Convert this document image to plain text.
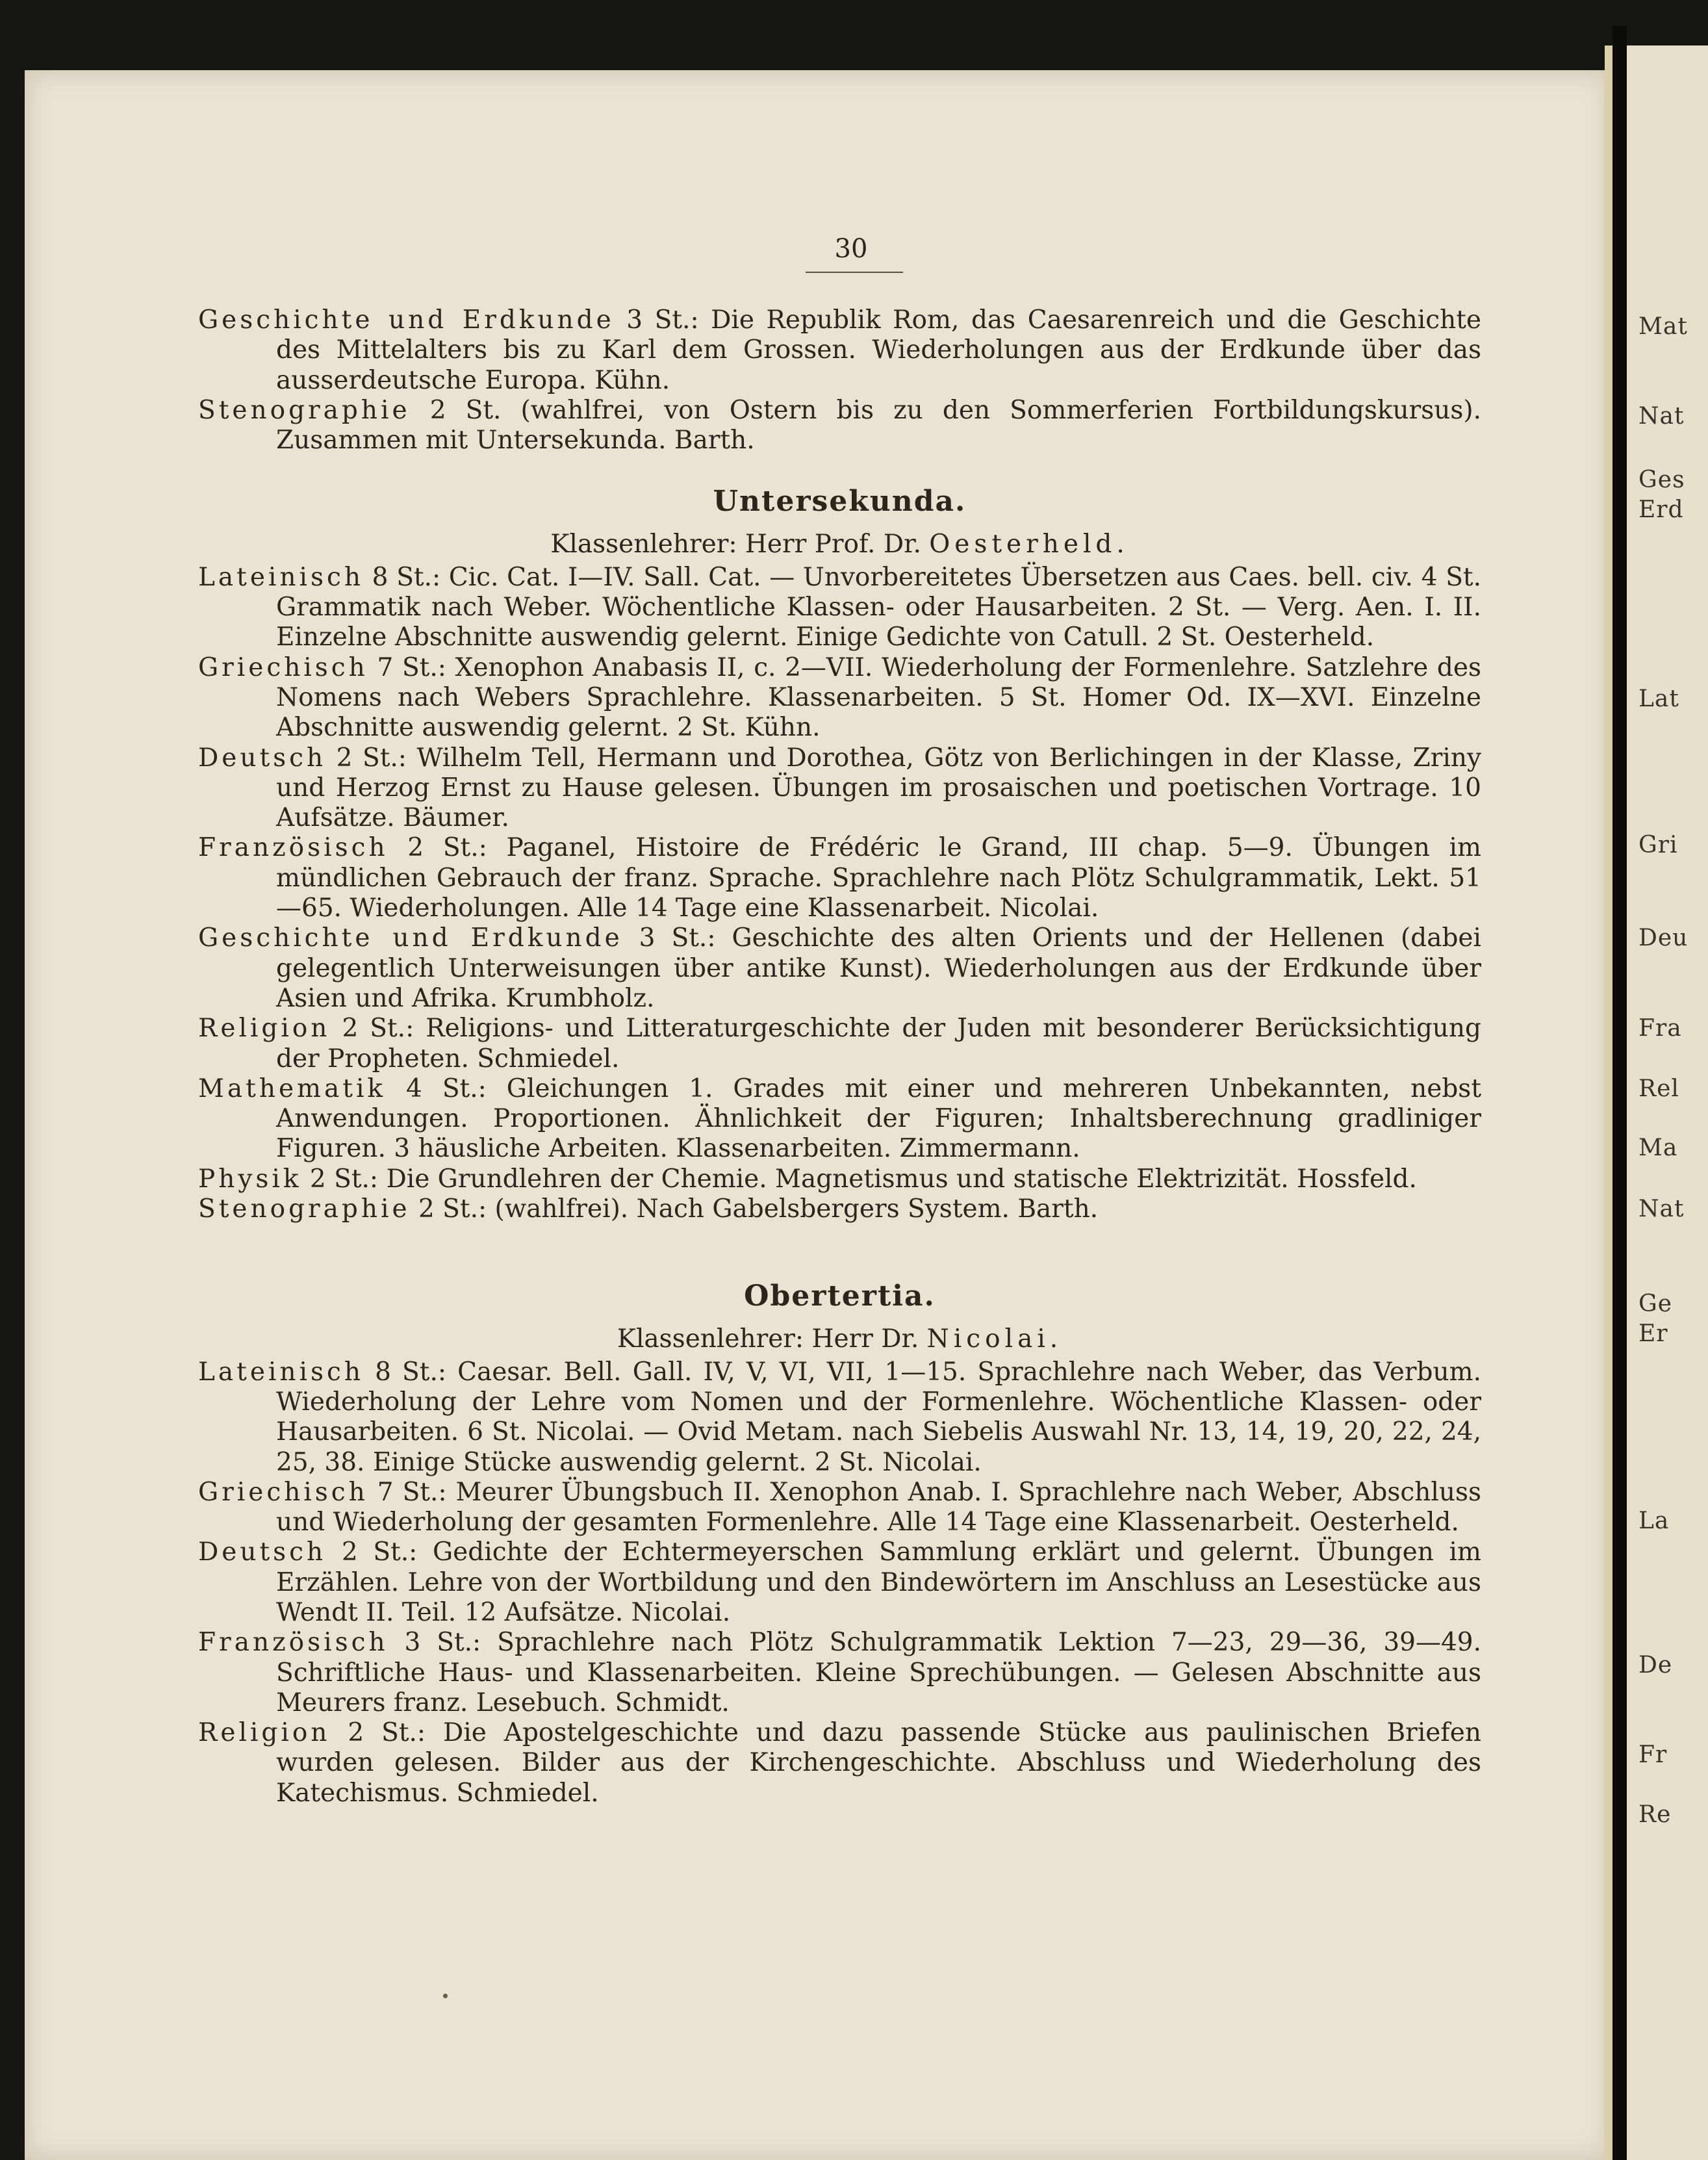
Mat
Nat
Ges
Erd
Lat
Gri
Deu
Fra
Rel
Ma
Nat
Ge
Er
La
De
Fr
Re
30

Geschichte und Erdkunde 3 St.: Die Republik Rom, das Caesarenreich und die Geschichte des Mittelalters bis zu Karl dem Grossen. Wiederholungen aus der Erdkunde über das ausserdeutsche Europa. Kühn.

Stenographie 2 St. (wahlfrei, von Ostern bis zu den Sommerferien Fortbildungskursus). Zusammen mit Untersekunda. Barth.

Untersekunda.

Klassenlehrer: Herr Prof. Dr. Oesterheld.

Lateinisch 8 St.: Cic. Cat. I—IV. Sall. Cat. — Unvorbereitetes Übersetzen aus Caes. bell. civ. 4 St. Grammatik nach Weber. Wöchentliche Klassen- oder Hausarbeiten. 2 St. — Verg. Aen. I. II. Einzelne Abschnitte auswendig gelernt. Einige Gedichte von Catull. 2 St. Oesterheld.

Griechisch 7 St.: Xenophon Anabasis II, c. 2—VII. Wiederholung der Formenlehre. Satzlehre des Nomens nach Webers Sprachlehre. Klassenarbeiten. 5 St. Homer Od. IX—XVI. Einzelne Abschnitte auswendig gelernt. 2 St. Kühn.

Deutsch 2 St.: Wilhelm Tell, Hermann und Dorothea, Götz von Berlichingen in der Klasse, Zriny und Herzog Ernst zu Hause gelesen. Übungen im prosaischen und poetischen Vortrage. 10 Aufsätze. Bäumer.

Französisch 2 St.: Paganel, Histoire de Frédéric le Grand, III chap. 5—9. Übungen im mündlichen Gebrauch der franz. Sprache. Sprachlehre nach Plötz Schulgrammatik, Lekt. 51—65. Wiederholungen. Alle 14 Tage eine Klassenarbeit. Nicolai.

Geschichte und Erdkunde 3 St.: Geschichte des alten Orients und der Hellenen (dabei gelegentlich Unterweisungen über antike Kunst). Wiederholungen aus der Erdkunde über Asien und Afrika. Krumbholz.

Religion 2 St.: Religions- und Litteraturgeschichte der Juden mit besonderer Berücksichtigung der Propheten. Schmiedel.

Mathematik 4 St.: Gleichungen 1. Grades mit einer und mehreren Unbekannten, nebst Anwendungen. Proportionen. Ähnlichkeit der Figuren; Inhaltsberechnung gradliniger Figuren. 3 häusliche Arbeiten. Klassenarbeiten. Zimmermann.

Physik 2 St.: Die Grundlehren der Chemie. Magnetismus und statische Elektrizität. Hossfeld.

Stenographie 2 St.: (wahlfrei). Nach Gabelsbergers System. Barth.

Obertertia.

Klassenlehrer: Herr Dr. Nicolai.

Lateinisch 8 St.: Caesar. Bell. Gall. IV, V, VI, VII, 1—15. Sprachlehre nach Weber, das Verbum. Wiederholung der Lehre vom Nomen und der Formenlehre. Wöchentliche Klassen- oder Hausarbeiten. 6 St. Nicolai. — Ovid Metam. nach Siebelis Auswahl Nr. 13, 14, 19, 20, 22, 24, 25, 38. Einige Stücke auswendig gelernt. 2 St. Nicolai.

Griechisch 7 St.: Meurer Übungsbuch II. Xenophon Anab. I. Sprachlehre nach Weber, Abschluss und Wiederholung der gesamten Formenlehre. Alle 14 Tage eine Klassenarbeit. Oesterheld.

Deutsch 2 St.: Gedichte der Echtermeyerschen Sammlung erklärt und gelernt. Übungen im Erzählen. Lehre von der Wortbildung und den Bindewörtern im Anschluss an Lesestücke aus Wendt II. Teil. 12 Aufsätze. Nicolai.

Französisch 3 St.: Sprachlehre nach Plötz Schulgrammatik Lektion 7—23, 29—36, 39—49. Schriftliche Haus- und Klassenarbeiten. Kleine Sprechübungen. — Gelesen Abschnitte aus Meurers franz. Lesebuch. Schmidt.

Religion 2 St.: Die Apostelgeschichte und dazu passende Stücke aus paulinischen Briefen wurden gelesen. Bilder aus der Kirchengeschichte. Abschluss und Wiederholung des Katechismus. Schmiedel.
